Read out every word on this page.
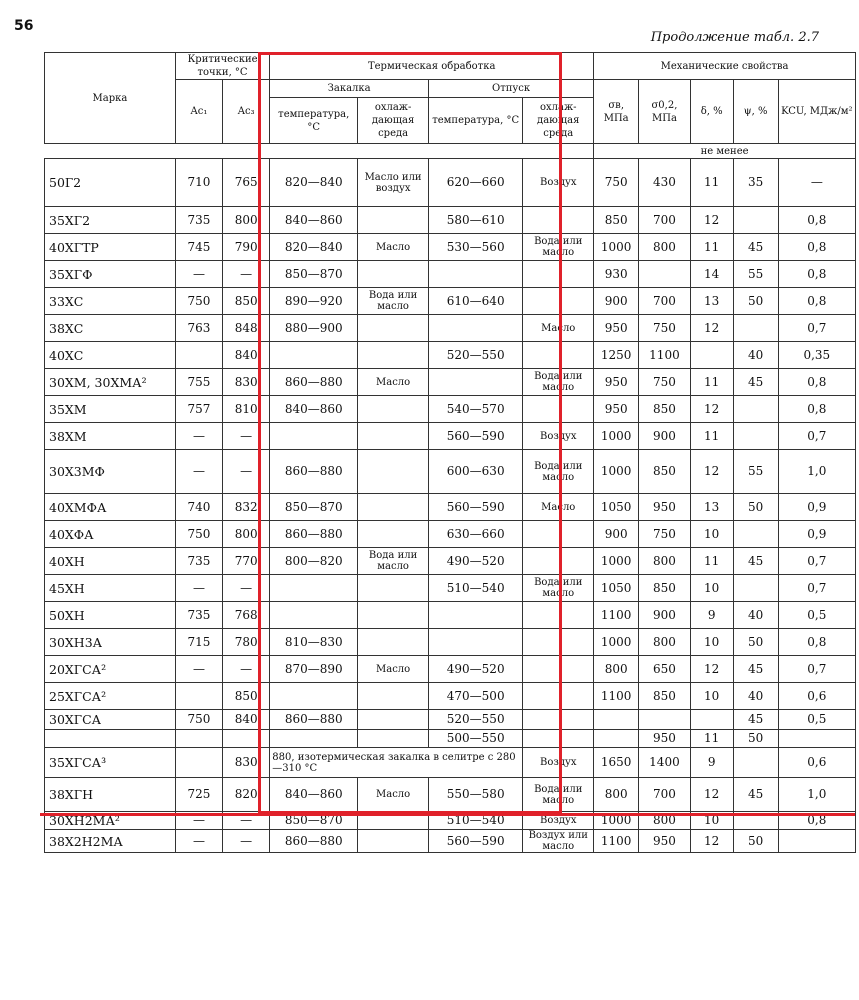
56
Продолжение табл. 2.7
Марка	Критические точки, °C		Термическая обработка				Механические свойства				
	Ac₁	Ac₃	Закалка		Отпуск		σв, МПа	σ0,2, МПа	δ, %	ψ, %	KCU, МДж/м²
			температура, °C	охлаж-дающая среда	температура, °C	охлаж-дающая среда					
							не менее				
50Г2	710	765	820—840	Масло или воздух	620—660	Воздух	750	430	11	35	—
35ХГ2	735	800	840—860		580—610		850	700	12		0,8
40ХГТР	745	790	820—840	Масло	530—560	Вода или масло	1000	800	11	45	0,8
35ХГФ	—	—	850—870				930		14	55	0,8
33ХС	750	850	890—920	Вода или масло	610—640		900	700	13	50	0,8
38ХС	763	848	880—900			Масло	950	750	12		0,7
40ХС		840			520—550		1250	1100		40	0,35
30ХМ, 30ХМА²	755	830	860—880	Масло		Вода или масло	950	750	11	45	0,8
35ХМ	757	810	840—860		540—570		950	850	12		0,8
38ХМ	—	—			560—590	Воздух	1000	900	11		0,7
30Х3МФ	—	—	860—880		600—630	Вода или масло	1000	850	12	55	1,0
40ХМФА	740	832	850—870		560—590	Масло	1050	950	13	50	0,9
40ХФА	750	800	860—880		630—660		900	750	10		0,9
40ХН	735	770	800—820	Вода или масло	490—520		1000	800	11	45	0,7
45ХН	—	—			510—540	Вода или масло	1050	850	10		0,7
50ХН	735	768					1100	900	9	40	0,5
30ХН3А	715	780	810—830				1000	800	10	50	0,8
20ХГСА²	—	—	870—890	Масло	490—520		800	650	12	45	0,7
25ХГСА²		850			470—500		1100	850	10	40	0,6
30ХГСА	750	840	860—880		520—550					45	0,5
					500—550			950	11	50	
35ХГСА³		830	880, изотермическая закалка в селитре с 280—310 °C			Воздух	1650	1400	9		0,6
38ХГН	725	820	840—860	Масло	550—580	Вода или масло	800	700	12	45	1,0
30ХН2МА²	—	—	850—870		510—540	Воздух	1000	800	10		0,8
38Х2Н2МА	—	—	860—880		560—590	Воздух или масло	1100	950	12	50	
